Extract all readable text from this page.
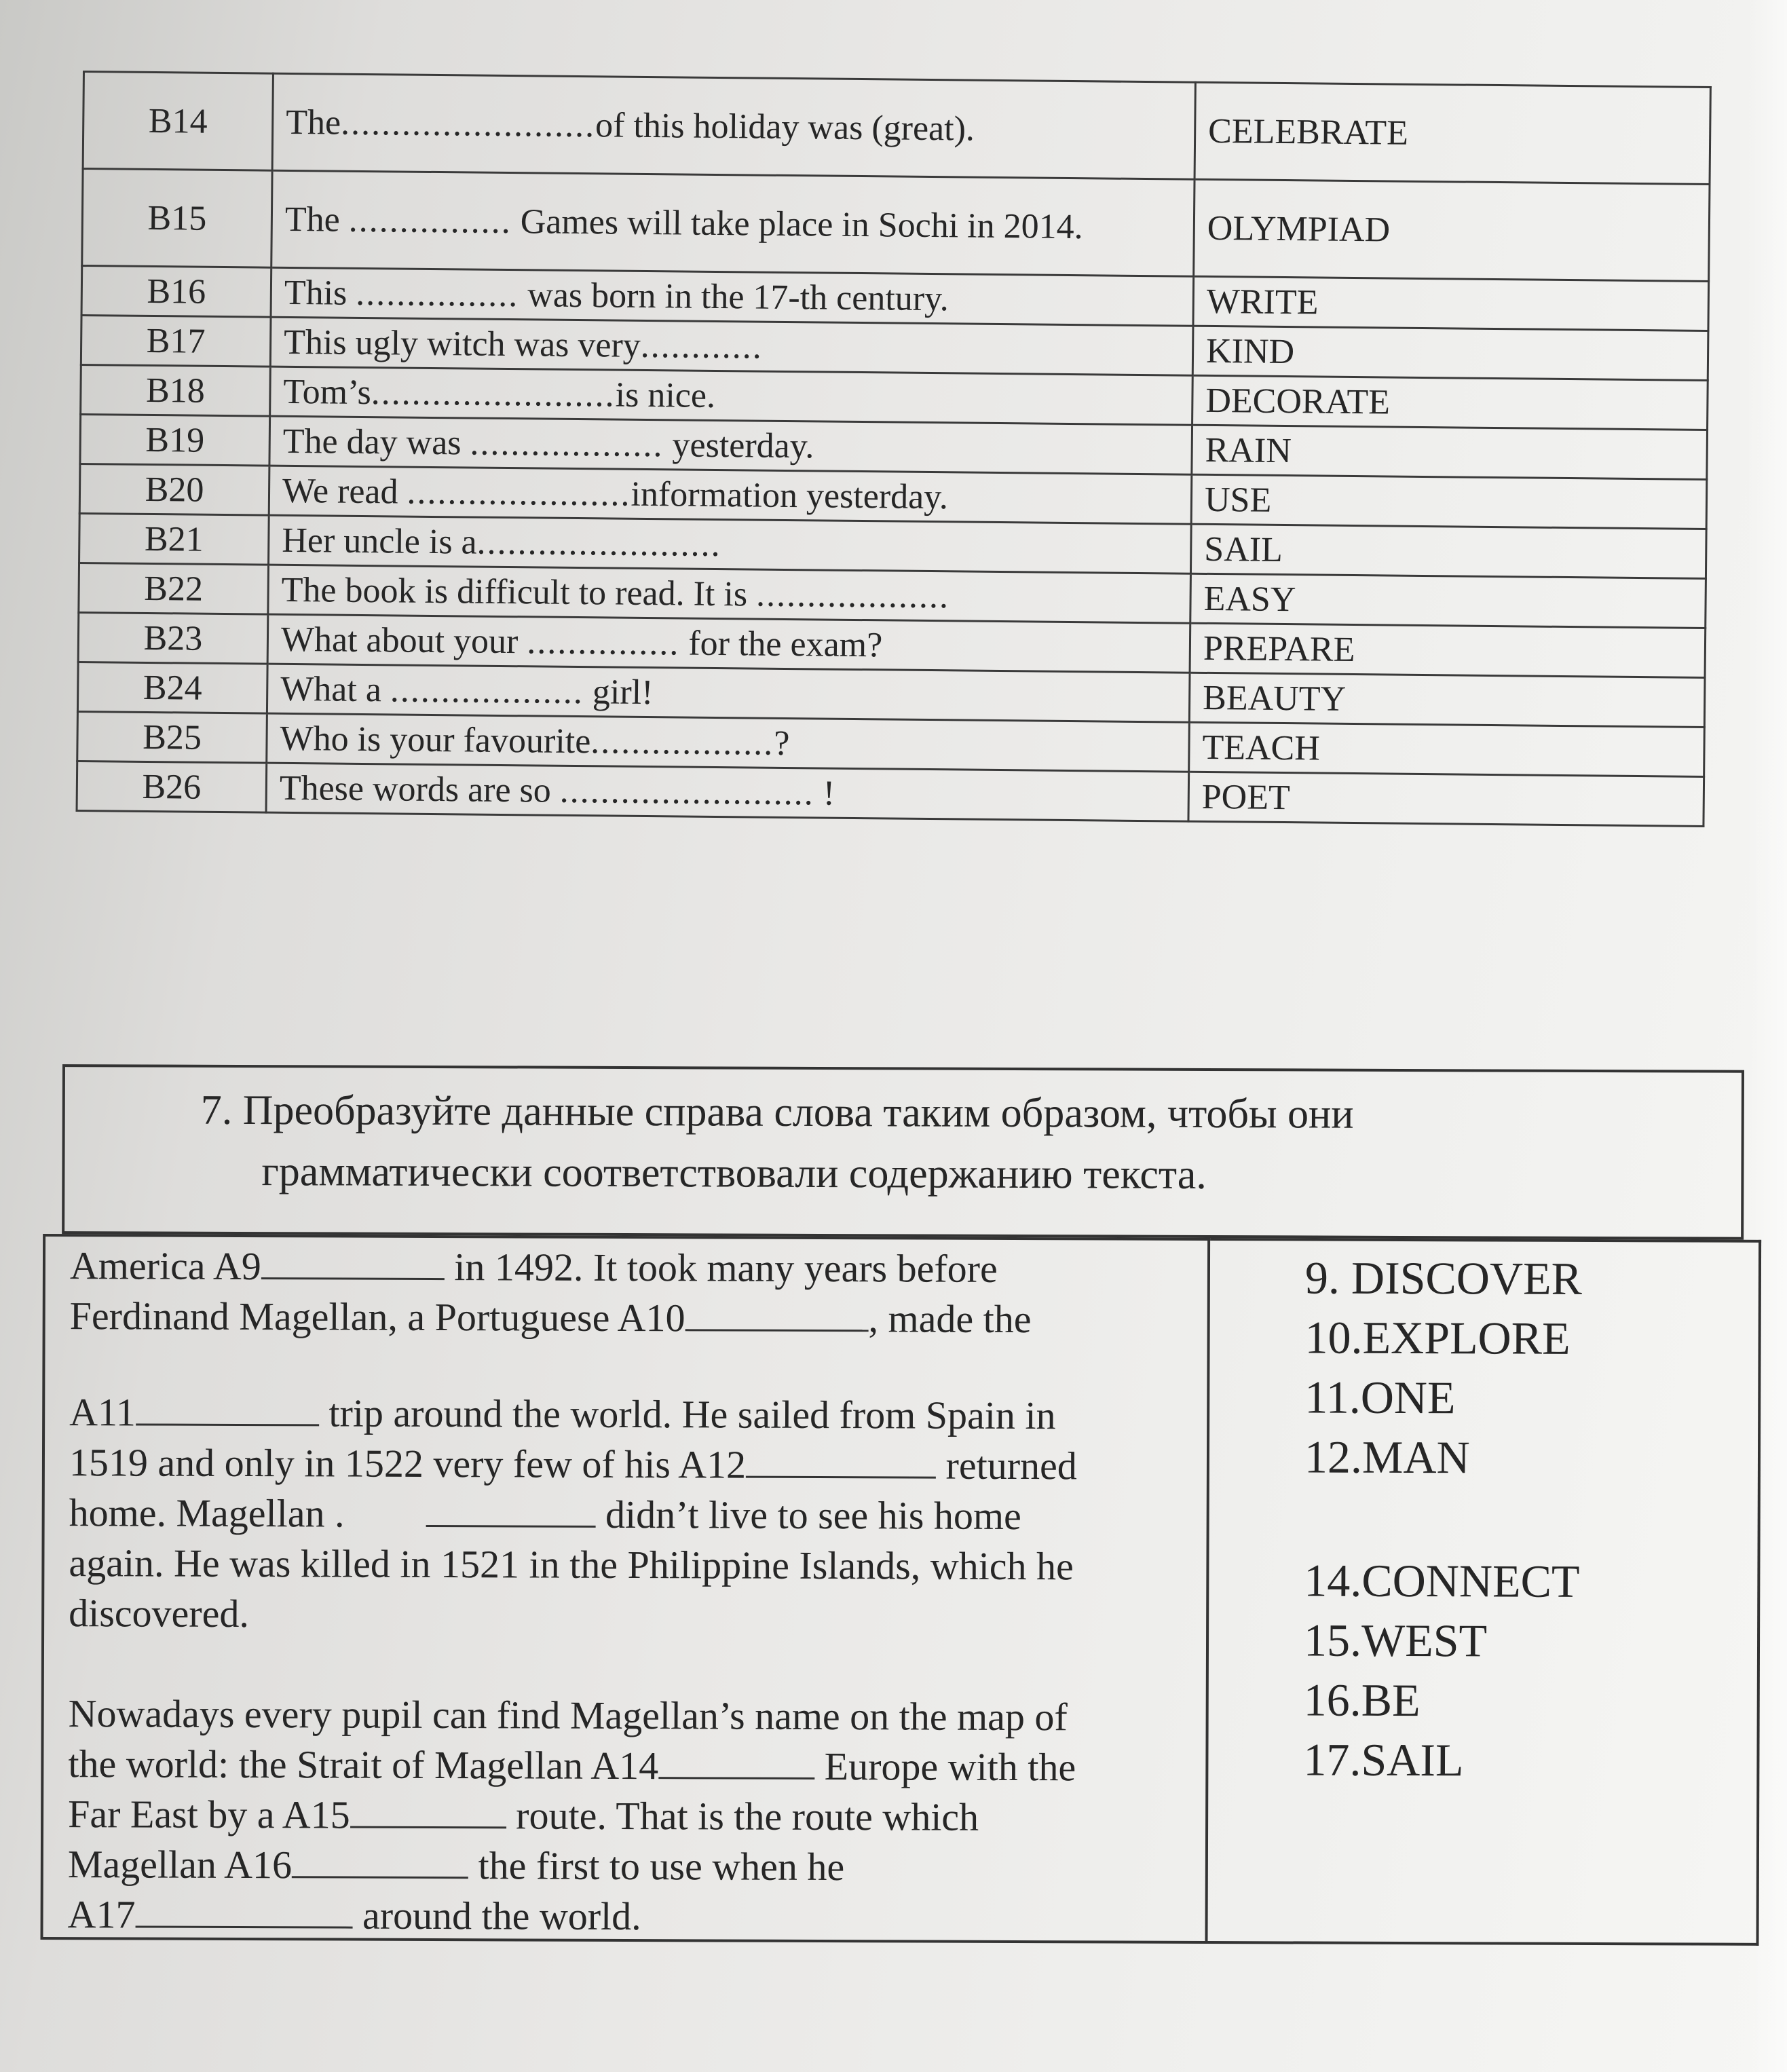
B14	The.........................of this holiday was (great).	CELEBRATE
B15	The ................ Games will take place in Sochi in 2014.	OLYMPIAD
B16	This ................ was born in the 17-th century.	WRITE
B17	This ugly witch was very............	KIND
B18	Tom’s........................is nice.	DECORATE
B19	The day was ................... yesterday.	RAIN
B20	We read ......................information yesterday.	USE
B21	Her uncle is a........................	SAIL
B22	The book is difficult to read. It is ...................	EASY
B23	What about your ............... for the exam?	PREPARE
B24	What a ................... girl!	BEAUTY
B25	Who is your favourite..................?	TEACH
B26	These words are so ......................... !	POET
7. Преобразуйте данные справа слова таким образом, чтобы они
грамматически соответствовали содержанию текста.

America A9	in 1492. It took many years before
Ferdinand Magellan, a Portuguese A10	, made the

A11	trip around the world. He sailed from Spain in
1519 and only in 1522 very few of his A12	returned
home. Magellan .	didn’t live to see his home
again. He was killed in 1521 in the Philippine Islands, which he
discovered.

Nowadays every pupil can find Magellan’s name on the map of
the world: the Strait of Magellan A14	Europe with the
Far East by a A15	route. That is the route which
Magellan A16	the first to use when he
A17	around the world.

9. DISCOVER

10.EXPLORE

11.ONE

12.MAN

14.CONNECT

15.WEST

16.BE

17.SAIL
